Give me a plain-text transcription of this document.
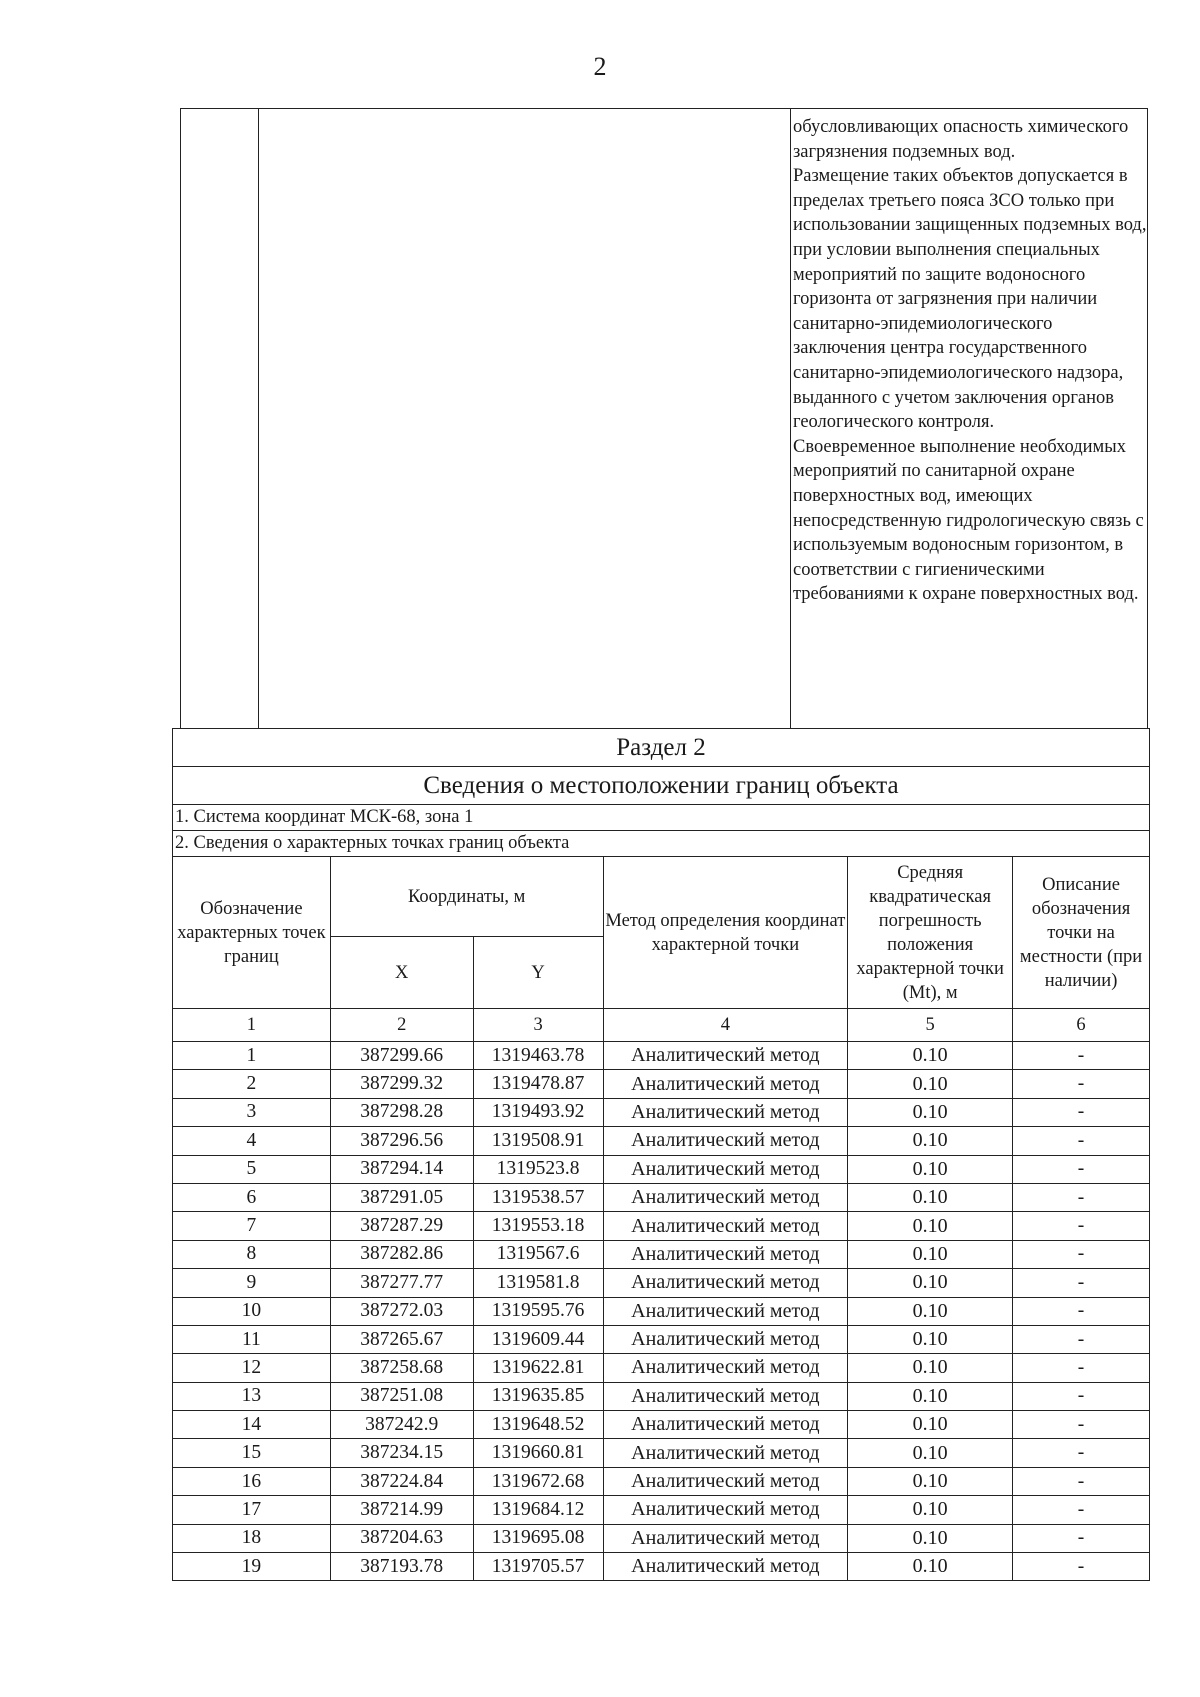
2

обусловливающих опасность химического загрязнения подземных вод.

Размещение таких объектов допускается в пределах третьего пояса ЗСО только при использовании защищенных подземных вод, при условии выполнения специальных мероприятий по защите водоносного горизонта от загрязнения при наличии санитарно-эпидемиологического заключения центра государственного санитарно-эпидемиологического надзора, выданного с учетом заключения органов геологического контроля.

Своевременное выполнение необходимых мероприятий по санитарной охране поверхностных вод, имеющих непосредственную гидрологическую связь с используемым водоносным горизонтом, в соответствии с гигиеническими требованиями к охране поверхностных вод.

Раздел 2					
Сведения о местоположении границ объекта					
1. Система координат МСК-68, зона 1					
2. Сведения о характерных точках границ объекта					
Обозначение характерных точек границ	Координаты, м		Метод определения координат характерной точки	Средняя квадратическая погрешность положения характерной точки (Mt), м	Описание обозначения точки на местности (при наличии)
	X	Y			
1	2	3	4	5	6
1	387299.66	1319463.78	Аналитический метод	0.10	-
2	387299.32	1319478.87	Аналитический метод	0.10	-
3	387298.28	1319493.92	Аналитический метод	0.10	-
4	387296.56	1319508.91	Аналитический метод	0.10	-
5	387294.14	1319523.8	Аналитический метод	0.10	-
6	387291.05	1319538.57	Аналитический метод	0.10	-
7	387287.29	1319553.18	Аналитический метод	0.10	-
8	387282.86	1319567.6	Аналитический метод	0.10	-
9	387277.77	1319581.8	Аналитический метод	0.10	-
10	387272.03	1319595.76	Аналитический метод	0.10	-
11	387265.67	1319609.44	Аналитический метод	0.10	-
12	387258.68	1319622.81	Аналитический метод	0.10	-
13	387251.08	1319635.85	Аналитический метод	0.10	-
14	387242.9	1319648.52	Аналитический метод	0.10	-
15	387234.15	1319660.81	Аналитический метод	0.10	-
16	387224.84	1319672.68	Аналитический метод	0.10	-
17	387214.99	1319684.12	Аналитический метод	0.10	-
18	387204.63	1319695.08	Аналитический метод	0.10	-
19	387193.78	1319705.57	Аналитический метод	0.10	-
